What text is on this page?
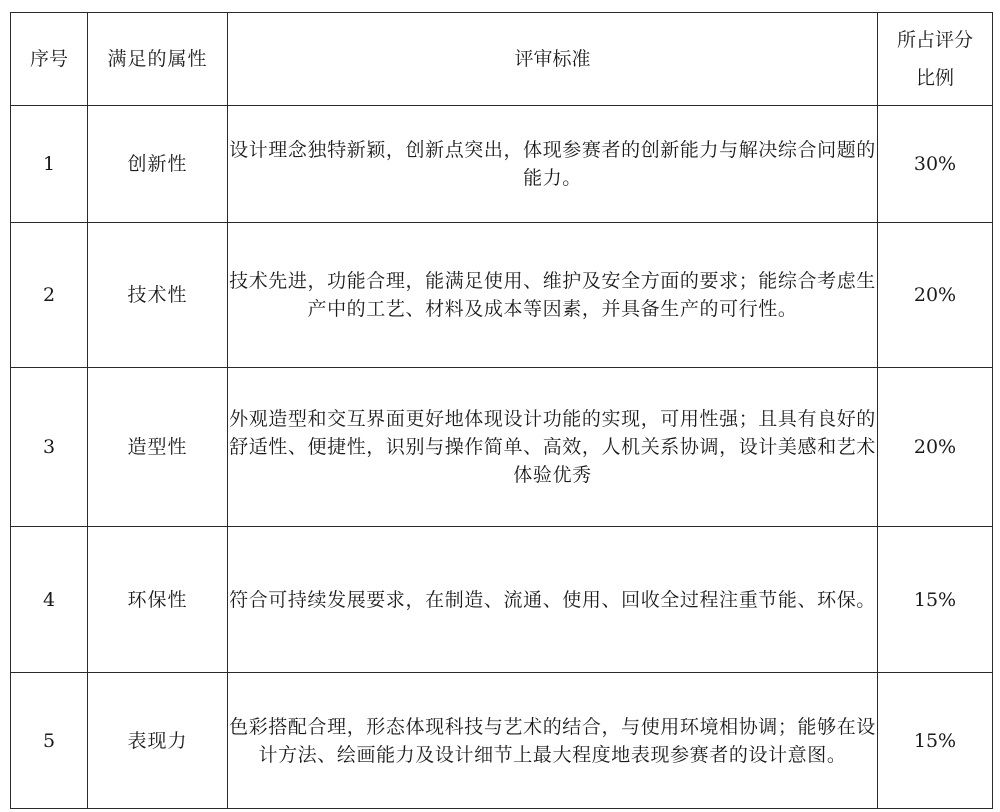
序号	满足的属性	评审标准	所占评分
比例

1	创新性	设计理念独特新颖，创新点突出，体现参赛者的创新能力与解决综合问题的能力。	30%
2	技术性	技术先进，功能合理，能满足使用、维护及安全方面的要求；能综合考虑生产中的工艺、材料及成本等因素，并具备生产的可行性。	20%
3	造型性	外观造型和交互界面更好地体现设计功能的实现，可用性强；且具有良好的舒适性、便捷性，识别与操作简单、高效，人机关系协调，设计美感和艺术体验优秀	20%
4	环保性	符合可持续发展要求，在制造、流通、使用、回收全过程注重节能、环保。	15%
5	表现力	色彩搭配合理，形态体现科技与艺术的结合，与使用环境相协调；能够在设计方法、绘画能力及设计细节上最大程度地表现参赛者的设计意图。	15%
